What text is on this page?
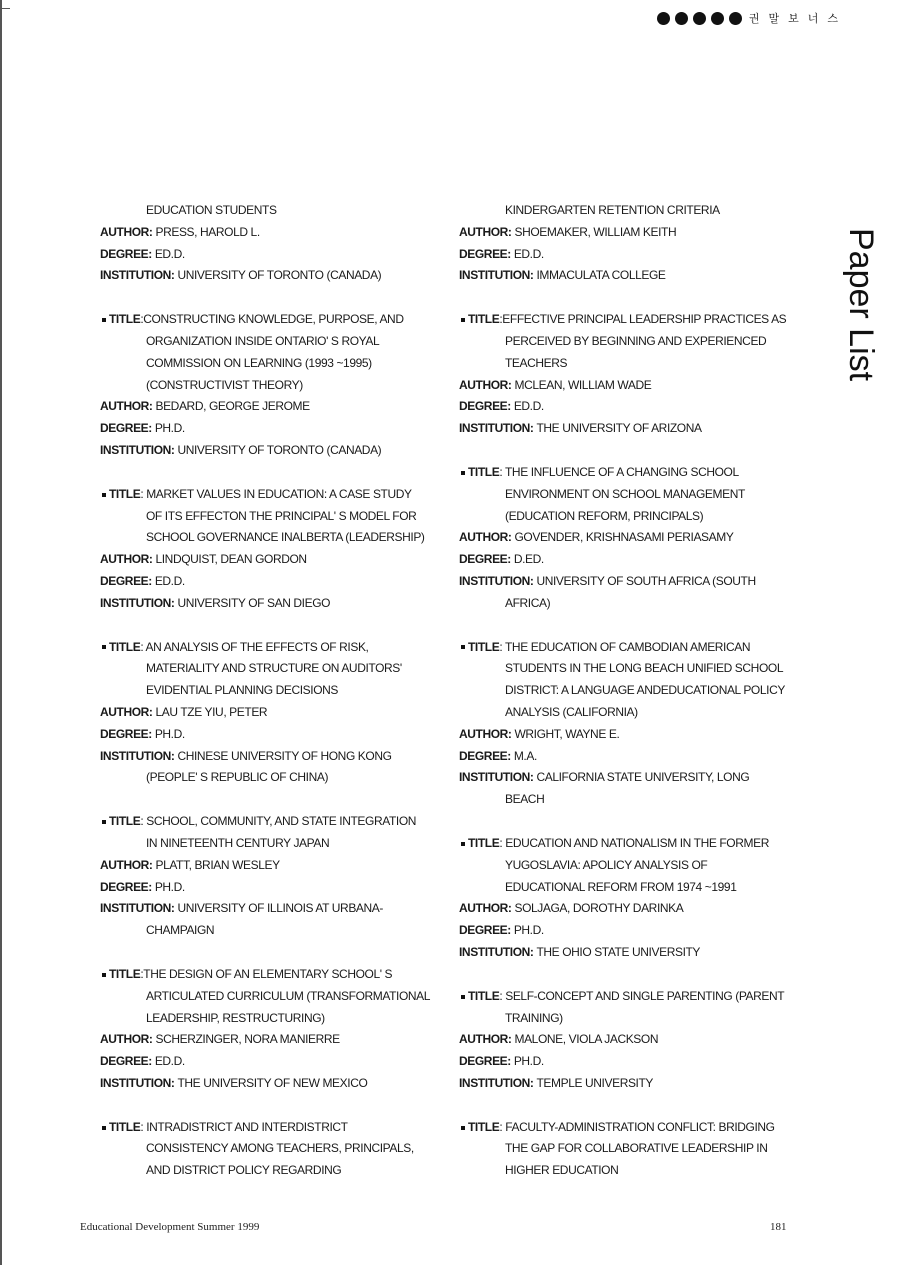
권말보너스
Paper List
EDUCATION STUDENTS
AUTHOR: PRESS, HAROLD L.
DEGREE: ED.D.
INSTITUTION: UNIVERSITY OF TORONTO (CANADA)
TITLE:CONSTRUCTING KNOWLEDGE, PURPOSE, AND
ORGANIZATION INSIDE ONTARIO' S ROYAL
COMMISSION ON LEARNING (1993 ~1995)
(CONSTRUCTIVIST THEORY)
AUTHOR: BEDARD, GEORGE JEROME
DEGREE: PH.D.
INSTITUTION: UNIVERSITY OF TORONTO (CANADA)
TITLE: MARKET VALUES IN EDUCATION: A CASE STUDY
OF ITS EFFECTON THE PRINCIPAL' S MODEL FOR
SCHOOL GOVERNANCE INALBERTA (LEADERSHIP)
AUTHOR: LINDQUIST, DEAN GORDON
DEGREE: ED.D.
INSTITUTION: UNIVERSITY OF SAN DIEGO
TITLE: AN ANALYSIS OF THE EFFECTS OF RISK,
MATERIALITY AND STRUCTURE ON AUDITORS'
EVIDENTIAL PLANNING DECISIONS
AUTHOR: LAU TZE YIU, PETER
DEGREE: PH.D.
INSTITUTION: CHINESE UNIVERSITY OF HONG KONG
(PEOPLE' S REPUBLIC OF CHINA)
TITLE: SCHOOL, COMMUNITY, AND STATE INTEGRATION
IN NINETEENTH CENTURY JAPAN
AUTHOR: PLATT, BRIAN WESLEY
DEGREE: PH.D.
INSTITUTION: UNIVERSITY OF ILLINOIS AT URBANA-
CHAMPAIGN
TITLE:THE DESIGN OF AN ELEMENTARY SCHOOL' S
ARTICULATED CURRICULUM (TRANSFORMATIONAL
LEADERSHIP, RESTRUCTURING)
AUTHOR: SCHERZINGER, NORA MANIERRE
DEGREE: ED.D.
INSTITUTION: THE UNIVERSITY OF NEW MEXICO
TITLE: INTRADISTRICT AND INTERDISTRICT
CONSISTENCY AMONG TEACHERS, PRINCIPALS,
AND DISTRICT POLICY REGARDING
KINDERGARTEN RETENTION CRITERIA
AUTHOR: SHOEMAKER, WILLIAM KEITH
DEGREE: ED.D.
INSTITUTION: IMMACULATA COLLEGE
TITLE:EFFECTIVE PRINCIPAL LEADERSHIP PRACTICES AS
PERCEIVED BY BEGINNING AND EXPERIENCED
TEACHERS
AUTHOR: MCLEAN, WILLIAM WADE
DEGREE: ED.D.
INSTITUTION: THE UNIVERSITY OF ARIZONA
TITLE: THE INFLUENCE OF A CHANGING SCHOOL
ENVIRONMENT ON SCHOOL MANAGEMENT
(EDUCATION REFORM, PRINCIPALS)
AUTHOR: GOVENDER, KRISHNASAMI PERIASAMY
DEGREE: D.ED.
INSTITUTION: UNIVERSITY OF SOUTH AFRICA (SOUTH
AFRICA)
TITLE: THE EDUCATION OF CAMBODIAN AMERICAN
STUDENTS IN THE LONG BEACH UNIFIED SCHOOL
DISTRICT: A LANGUAGE ANDEDUCATIONAL POLICY
ANALYSIS (CALIFORNIA)
AUTHOR: WRIGHT, WAYNE E.
DEGREE: M.A.
INSTITUTION: CALIFORNIA STATE UNIVERSITY, LONG
BEACH
TITLE: EDUCATION AND NATIONALISM IN THE FORMER
YUGOSLAVIA: APOLICY ANALYSIS OF
EDUCATIONAL REFORM FROM 1974 ~1991
AUTHOR: SOLJAGA, DOROTHY DARINKA
DEGREE: PH.D.
INSTITUTION: THE OHIO STATE UNIVERSITY
TITLE: SELF-CONCEPT AND SINGLE PARENTING (PARENT
TRAINING)
AUTHOR: MALONE, VIOLA JACKSON
DEGREE: PH.D.
INSTITUTION: TEMPLE UNIVERSITY
TITLE: FACULTY-ADMINISTRATION CONFLICT: BRIDGING
THE GAP FOR COLLABORATIVE LEADERSHIP IN
HIGHER EDUCATION
Educational Development Summer 1999	181
